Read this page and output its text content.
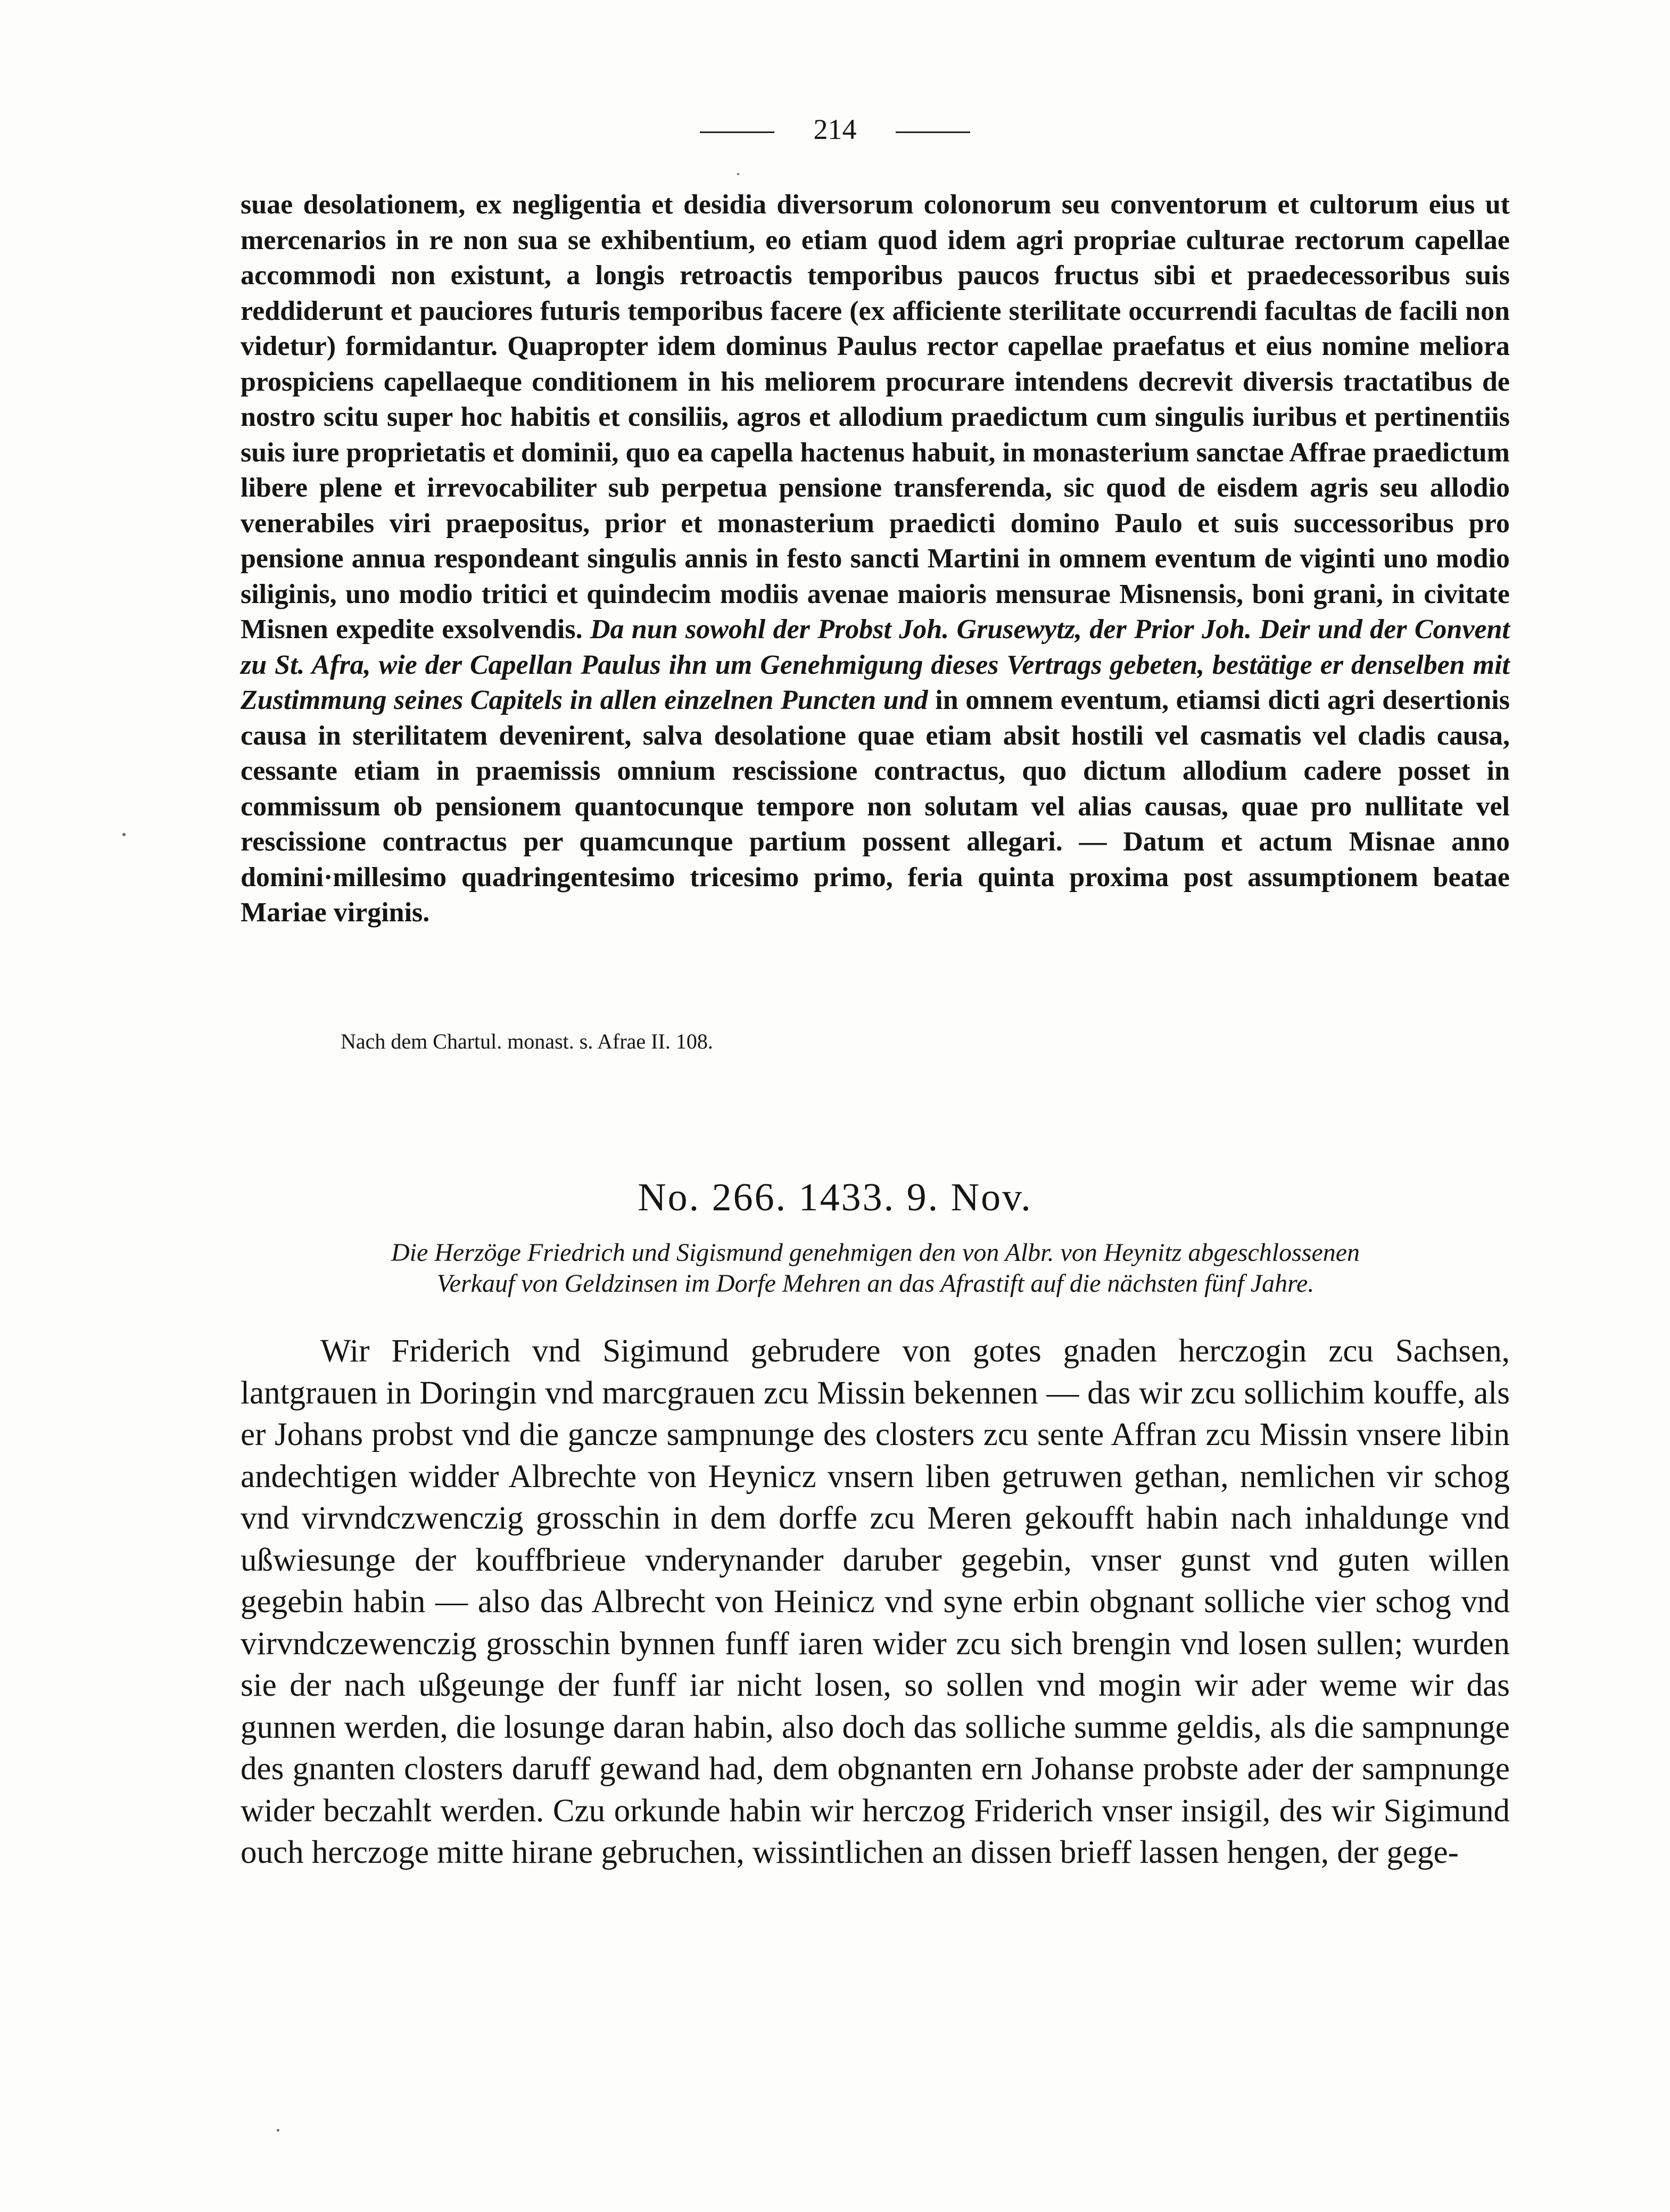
214
suae desolationem, ex negligentia et desidia diversorum colonorum seu conventorum et cultorum eius ut mercenarios in re non sua se exhibentium, eo etiam quod idem agri propriae culturae rectorum capellae accommodi non existunt, a longis retroactis temporibus paucos fructus sibi et praedecessoribus suis reddiderunt et pauciores futuris temporibus facere (ex afficiente sterilitate occurrendi facultas de facili non videtur) formidantur. Quapropter idem dominus Paulus rector capellae praefatus et eius nomine meliora prospiciens capellaeque conditionem in his meliorem procurare intendens decrevit diversis tractatibus de nostro scitu super hoc habitis et consiliis, agros et allodium praedictum cum singulis iuribus et pertinentiis suis iure proprietatis et dominii, quo ea capella hactenus habuit, in monasterium sanctae Affrae praedictum libere plene et irrevocabiliter sub perpetua pensione transferenda, sic quod de eisdem agris seu allodio venerabiles viri praepositus, prior et monasterium praedicti domino Paulo et suis successoribus pro pensione annua respondeant singulis annis in festo sancti Martini in omnem eventum de viginti uno modio siliginis, uno modio tritici et quindecim modiis avenae maioris mensurae Misnensis, boni grani, in civitate Misnen expedite exsolvendis. Da nun sowohl der Probst Joh. Grusewytz, der Prior Joh. Deir und der Convent zu St. Afra, wie der Capellan Paulus ihn um Genehmigung dieses Vertrags gebeten, bestätige er denselben mit Zustimmung seines Capitels in allen einzelnen Puncten und in omnem eventum, etiamsi dicti agri desertionis causa in sterilitatem devenirent, salva desolatione quae etiam absit hostili vel casmatis vel cladis causa, cessante etiam in praemissis omnium rescissione contractus, quo dictum allodium cadere posset in commissum ob pensionem quantocunque tempore non solutam vel alias causas, quae pro nullitate vel rescissione contractus per quamcunque partium possent allegari. — Datum et actum Misnae anno domini·millesimo quadringentesimo tricesimo primo, feria quinta proxima post assumptionem beatae Mariae virginis.
Nach dem Chartul. monast. s. Afrae II. 108.
No. 266. 1433. 9. Nov.
Die Herzöge Friedrich und Sigismund genehmigen den von Albr. von Heynitz abgeschlossenen
Verkauf von Geldzinsen im Dorfe Mehren an das Afrastift auf die nächsten fünf Jahre.
Wir Friderich vnd Sigimund gebrudere von gotes gnaden herczogin zcu Sachsen, lantgrauen in Doringin vnd marcgrauen zcu Missin bekennen — das wir zcu sollichim kouffe, als er Johans probst vnd die gancze sampnunge des closters zcu sente Affran zcu Missin vnsere libin andechtigen widder Albrechte von Heynicz vnsern liben getruwen gethan, nemlichen vir schog vnd virvndczwenczig grosschin in dem dorffe zcu Meren gekoufft habin nach inhaldunge vnd ußwiesunge der kouffbrieue vnderynander daruber gegebin, vnser gunst vnd guten willen gegebin habin — also das Albrecht von Heinicz vnd syne erbin obgnant solliche vier schog vnd virvndczewenczig grosschin bynnen funff iaren wider zcu sich brengin vnd losen sullen; wurden sie der nach ußgeunge der funff iar nicht losen, so sollen vnd mogin wir ader weme wir das gunnen werden, die losunge daran habin, also doch das solliche summe geldis, als die sampnunge des gnanten closters daruff gewand had, dem obgnanten ern Johanse probste ader der sampnunge wider beczahlt werden. Czu orkunde habin wir herczog Friderich vnser insigil, des wir Sigimund ouch herczoge mitte hirane gebruchen, wissintlichen an dissen brieff lassen hengen, der gege-
